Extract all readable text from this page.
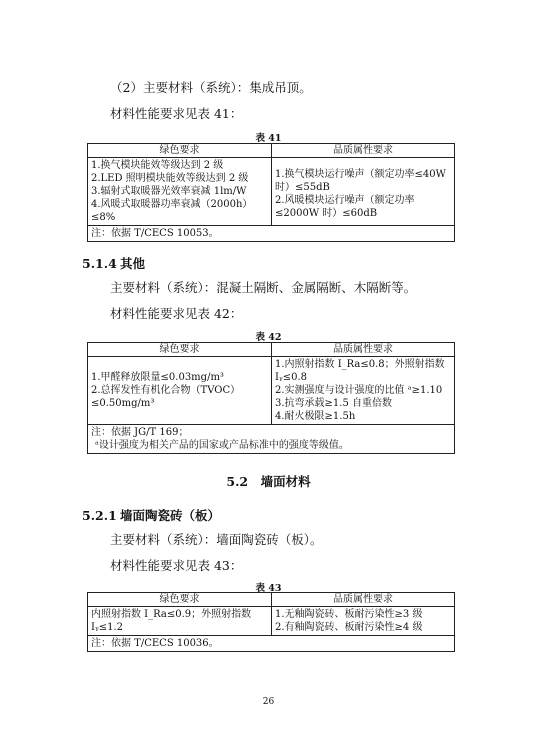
（2）主要材料（系统）：集成吊顶。
材料性能要求见表 41：
表 41
绿色要求	品质属性要求

1.换气模块能效等级达到 2 级
2.LED 照明模块能效等级达到 2 级
3.辐射式取暖器光效率衰减 1lm/W
4.风暖式取暖器功率衰减（2000h）≤8%	1.换气模块运行噪声（额定功率≤40W 时）≤55dB
2.风暖模块运行噪声（额定功率≤2000W 时）≤60dB

注：依据 T/CECS 10053。	
5.1.4 其他
主要材料（系统）：混凝土隔断、金属隔断、木隔断等。
材料性能要求见表 42：
表 42
绿色要求	品质属性要求

1.甲醛释放限量≤0.03mg/m³
2.总挥发性有机化合物（TVOC）≤0.50mg/m³	1.内照射指数 I_Ra≤0.8；外照射指数 Iᵧ≤0.8
2.实测强度与设计强度的比值 ᵃ≥1.10
3.抗弯承载≥1.5 自重倍数
4.耐火极限≥1.5h

注：依据 JG/T 169；
ᵃ设计强度为相关产品的国家或产品标准中的强度等级值。	
5.2　墙面材料
5.2.1 墙面陶瓷砖（板）
主要材料（系统）：墙面陶瓷砖（板）。
材料性能要求见表 43：
表 43
绿色要求	品质属性要求
内照射指数 I_Ra≤0.9；外照射指数 Iᵧ≤1.2	1.无釉陶瓷砖、板耐污染性≥3 级
2.有釉陶瓷砖、板耐污染性≥4 级

注：依据 T/CECS 10036。	
26
